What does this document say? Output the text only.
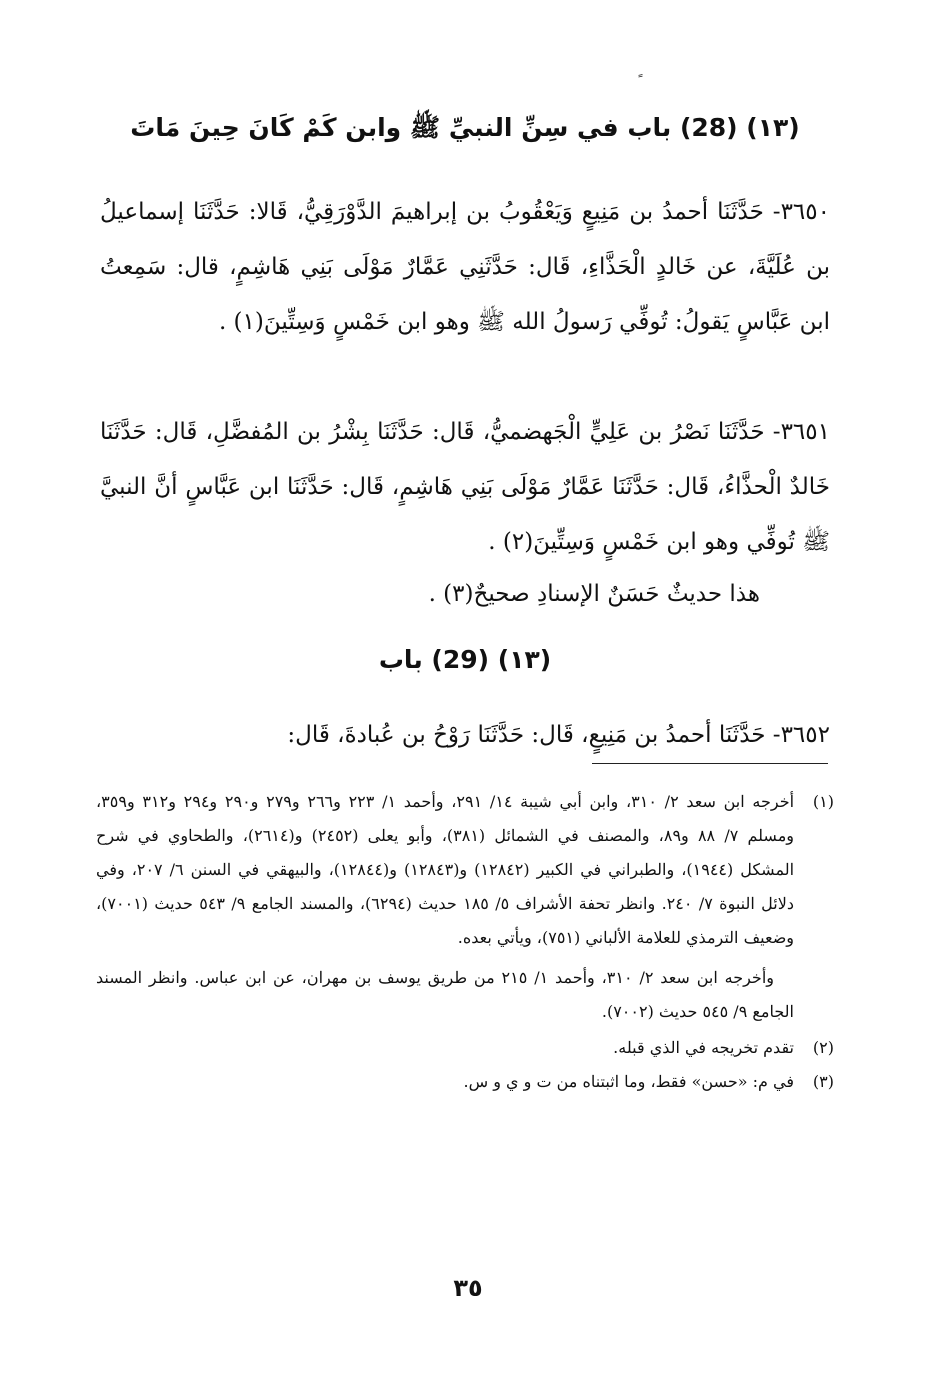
(١٣) (28) باب في سِنِّ النبيِّ ﷺ وابن كَمْ كَانَ حِينَ مَاتَ
٣٦٥٠- حَدَّثَنَا أحمدُ بن مَنِيعٍ وَيَعْقُوبُ بن إبراهيمَ الدَّوْرَقِيُّ، قَالا: حَدَّثَنَا إسماعيلُ بن عُلَيَّةَ، عن خَالدٍ الْحَذَّاءِ، قَال: حَدَّثَنِي عَمَّارٌ مَوْلَى بَنِي هَاشِمٍ، قال: سَمِعتُ ابن عَبَّاسٍ يَقولُ: تُوفِّي رَسولُ الله ﷺ وهو ابن خَمْسٍ وَسِتِّينَ(١) .
٣٦٥١- حَدَّثَنَا نَصْرُ بن عَلِيٍّ الْجَهضميُّ، قَال: حَدَّثَنَا بِشْرُ بن المُفضَّلِ، قَال: حَدَّثَنَا خَالدٌ الْحذَّاءُ، قَال: حَدَّثَنَا عَمَّارٌ مَوْلَى بَنِي هَاشِمٍ، قَال: حَدَّثَنَا ابن عَبَّاسٍ أنَّ النبيَّ ﷺ تُوفِّي وهو ابن خَمْسٍ وَسِتِّينَ(٢) .
هذا حديثٌ حَسَنٌ الإسنادِ صحيحٌ(٣) .
(١٣) (29) باب
٣٦٥٢- حَدَّثَنَا أحمدُ بن مَنِيعٍ، قَال: حَدَّثَنَا رَوْحُ بن عُبادةَ، قَال:
(١)
أخرجه ابن سعد ٢/ ٣١٠، وابن أبي شيبة ١٤/ ٢٩١، وأحمد ١/ ٢٢٣ و٢٦٦ و٢٧٩ و٢٩٠ و٢٩٤ و٣١٢ و٣٥٩، ومسلم ٧/ ٨٨ و٨٩، والمصنف في الشمائل (٣٨١)، وأبو يعلى (٢٤٥٢) و(٢٦١٤)، والطحاوي في شرح المشكل (١٩٤٤)، والطبراني في الكبير (١٢٨٤٢) و(١٢٨٤٣) و(١٢٨٤٤)، والبيهقي في السنن ٦/ ٢٠٧، وفي دلائل النبوة ٧/ ٢٤٠. وانظر تحفة الأشراف ٥/ ١٨٥ حديث (٦٢٩٤)، والمسند الجامع ٩/ ٥٤٣ حديث (٧٠٠١)، وضعيف الترمذي للعلامة الألباني (٧٥١)، ويأتي بعده.
وأخرجه ابن سعد ٢/ ٣١٠، وأحمد ١/ ٢١٥ من طريق يوسف بن مهران، عن ابن عباس. وانظر المسند الجامع ٩/ ٥٤٥ حديث (٧٠٠٢).
(٢)
تقدم تخريجه في الذي قبله.
(٣)
في م: «حسن» فقط، وما اثبتناه من ت و ي و س.
٣٥
